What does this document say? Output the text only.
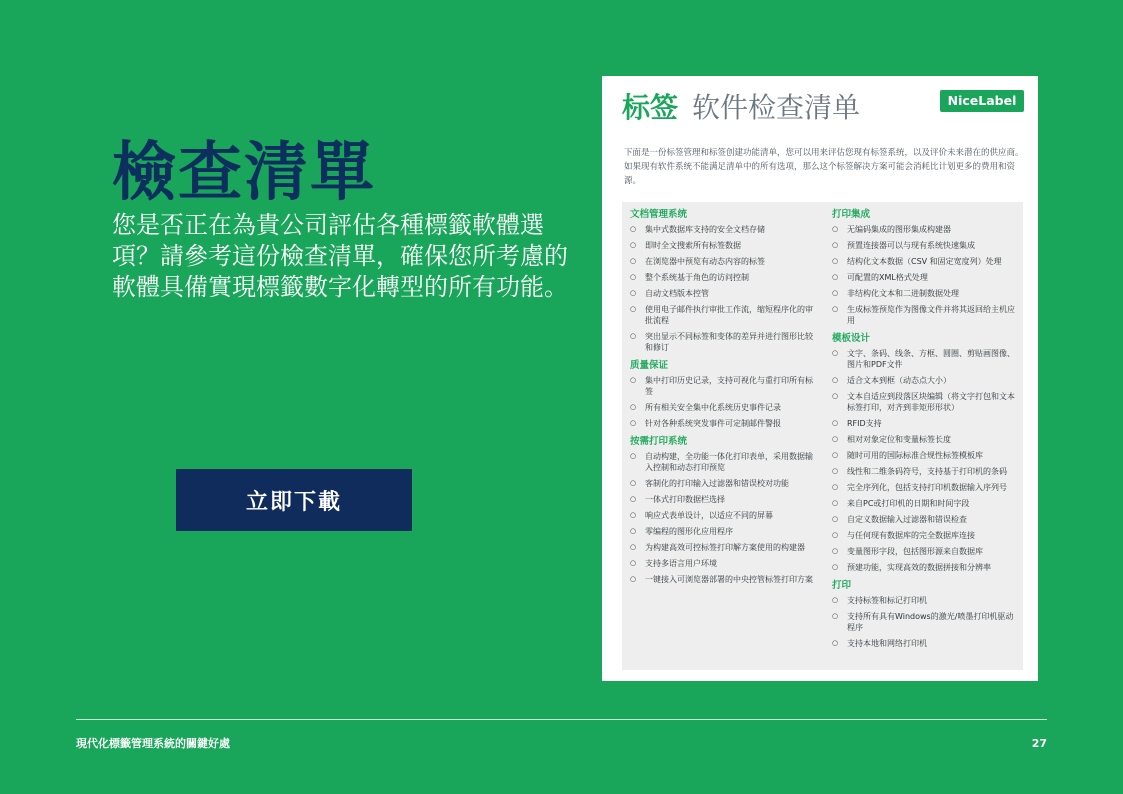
檢查清單

您是否正在為貴公司評估各種標籤軟體選項？請參考這份檢查清單，確保您所考慮的軟體具備實現標籤數字化轉型的所有功能。

立即下載
标签 软件检查清单	NiceLabel

下面是一份标签管理和标签创建功能清单，您可以用来评估您现有标签系统，以及评价未来潜在的供应商。如果现有软件系统不能满足清单中的所有选项，那么这个标签解决方案可能会消耗比计划更多的费用和资源。

文档管理系统
○ 集中式数据库支持的安全文档存储
○ 即时全文搜索所有标签数据
○ 在浏览器中预览有动态内容的标签
○ 整个系统基于角色的访问控制
○ 自动文档版本控管
○ 使用电子邮件执行审批工作流，缩短程序化的审批流程
○ 突出显示不同标签和变体的差异并进行图形比较和修订
质量保证
○ 集中打印历史记录，支持可视化与重打印所有标签
○ 所有相关安全集中化系统历史事件记录
○ 针对各种系统突发事件可定制邮件警报
按需打印系统
○ 自动构建，全功能一体化打印表单，采用数据输入控制和动态打印预览
○ 客制化的打印输入过滤器和错误校对功能
○ 一体式打印数据栏选择
○ 响应式表单设计，以适应不同的屏幕
○ 零编程的图形化应用程序
○ 为构建高效可控标签打印解方案使用的构建器
○ 支持多语言用户环境
○ 一键接入可浏览器部署的中央控管标签打印方案
打印集成
○ 无编码集成的图形集成构建器
○ 预置连接器可以与现有系统快速集成
○ 结构化文本数据（CSV 和固定宽度列）处理
○ 可配置的XML格式处理
○ 非结构化文本和二进制数据处理
○ 生成标签预览作为图像文件并将其返回给主机应用
模板设计
○ 文字、条码、线条、方框、圆圈、剪贴画图像、图片和PDF文件
○ 适合文本到框（动态点大小）
○ 文本自适应到段落区块编辑（将文字打包和文本标签打印，对齐到非矩形形状）
○ RFID支持
○ 相对对象定位和变量标签长度
○ 随时可用的国际标准合规性标签模板库
○ 线性和二维条码符号，支持基于打印机的条码
○ 完全序列化，包括支持打印机数据输入序列号
○ 来自PC或打印机的日期和时间字段
○ 自定义数据输入过滤器和错误检查
○ 与任何现有数据库的完全数据库连接
○ 变量图形字段，包括图形源来自数据库
○ 预建功能，实现高效的数据拼接和分辨率
打印
○ 支持标签和标记打印机
○ 支持所有具有Windows的激光/喷墨打印机驱动程序
○ 支持本地和网络打印机

現代化標籤管理系統的關鍵好處	27
